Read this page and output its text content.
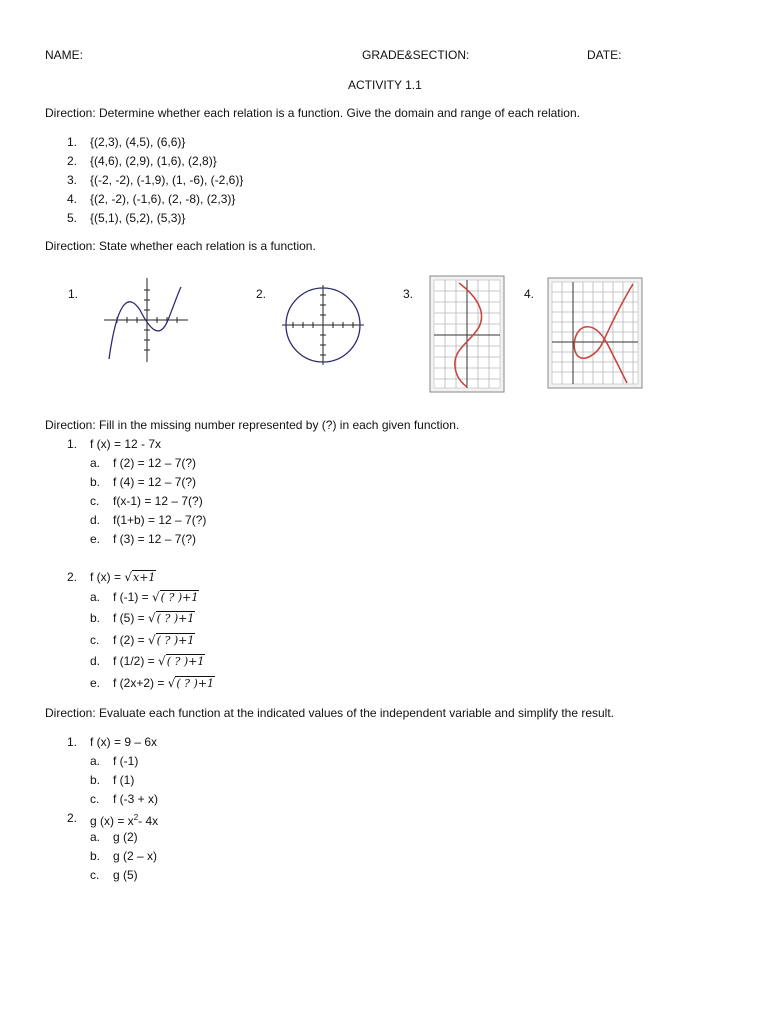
NAME:	GRADE&SECTION:	DATE:
ACTIVITY 1.1
Direction: Determine whether each relation is a function. Give the domain and range of each relation.
1. {(2,3), (4,5), (6,6)}
2. {(4,6), (2,9), (1,6), (2,8)}
3. {(-2, -2), (-1,9), (1, -6), (-2,6)}
4. {(2, -2), (-1,6), (2, -8), (2,3)}
5. {(5,1), (5,2), (5,3)}
Direction: State whether each relation is a function.
1.	2.	3.	4.
Direction: Fill in the missing number represented by (?) in each given function.
1. f (x) = 12 - 7x
a. f (2) = 12 – 7(?)
b. f (4) = 12 – 7(?)
c. f(x-1) = 12 – 7(?)
d. f(1+b) = 12 – 7(?)
e. f (3) = 12 – 7(?)
2. f (x) = √x+1
a. f (-1) = √( ? )+1
b. f (5) = √( ? )+1
c. f (2) = √( ? )+1
d. f (1/2) = √( ? )+1
e. f (2x+2) = √( ? )+1
Direction: Evaluate each function at the indicated values of the independent variable and simplify the result.
1. f (x) = 9 – 6x
a. f (-1)
b. f (1)
c. f (-3 + x)
2. g $(x) = x^2-$ 4x
a. g (2)
b. g (2 – x)
c. g (5)
